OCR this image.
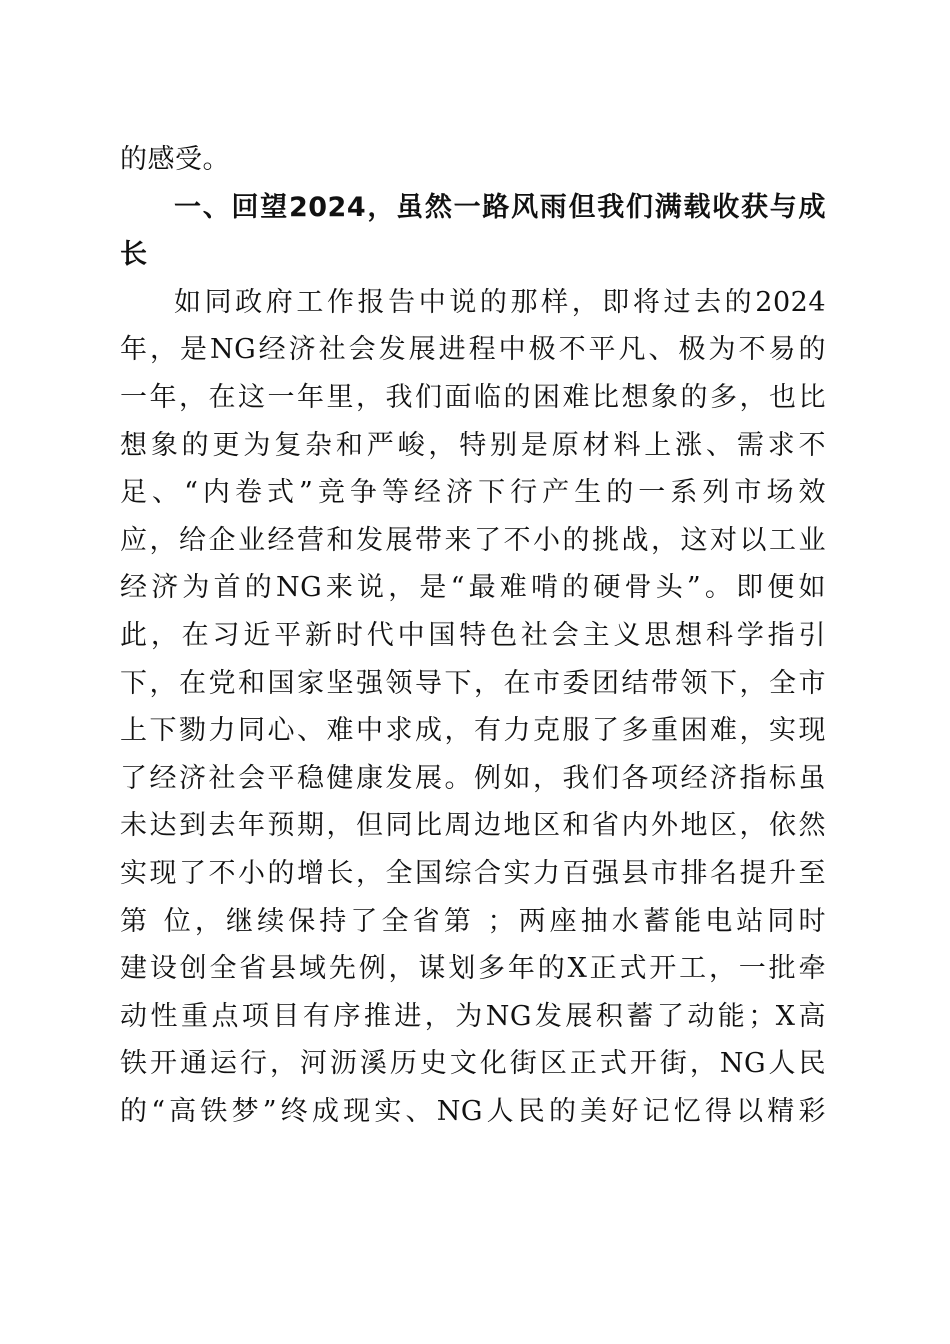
的感受。
一、回望2024，虽然一路风雨但我们满载收获与成
长
如同政府工作报告中说的那样，即将过去的2024
年，是NG经济社会发展进程中极不平凡、极为不易的
一年，在这一年里，我们面临的困难比想象的多，也比
想象的更为复杂和严峻，特别是原材料上涨、需求不
足、“内卷式”竞争等经济下行产生的一系列市场效
应，给企业经营和发展带来了不小的挑战，这对以工业
经济为首的NG来说，是“最难啃的硬骨头”。即便如
此，在习近平新时代中国特色社会主义思想科学指引
下，在党和国家坚强领导下，在市委团结带领下，全市
上下勠力同心、难中求成，有力克服了多重困难，实现
了经济社会平稳健康发展。例如，我们各项经济指标虽
未达到去年预期，但同比周边地区和省内外地区，依然
实现了不小的增长，全国综合实力百强县市排名提升至
第 位，继续保持了全省第 ；两座抽水蓄能电站同时
建设创全省县域先例，谋划多年的X正式开工，一批牵
动性重点项目有序推进，为NG发展积蓄了动能；X高
铁开通运行，河沥溪历史文化街区正式开街，NG人民
的“高铁梦”终成现实、NG人民的美好记忆得以精彩
